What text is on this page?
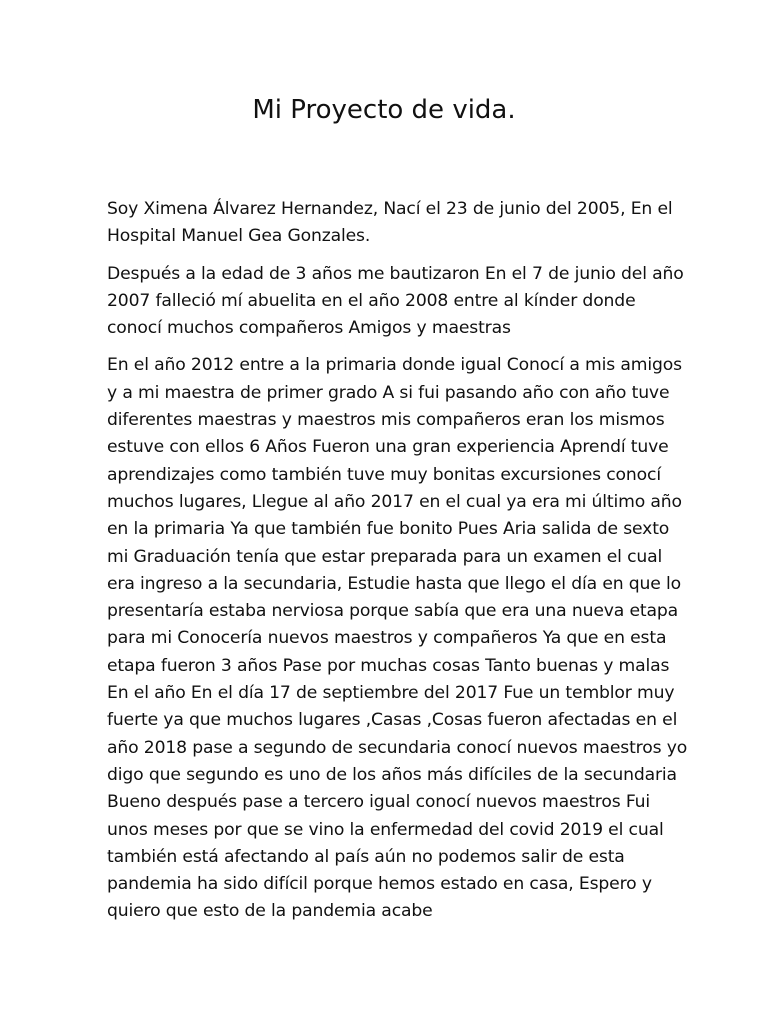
Mi Proyecto de vida.

Soy Ximena Álvarez Hernandez, Nací el 23 de junio del 2005, En el
Hospital Manuel Gea Gonzales.

Después a la edad de 3 años me bautizaron En el 7 de junio del año
2007 falleció mí abuelita en el año 2008 entre al kínder donde
conocí muchos compañeros Amigos y maestras

En el año 2012 entre a la primaria donde igual Conocí a mis amigos
y a mi maestra de primer grado A si fui pasando año con año tuve
diferentes maestras y maestros mis compañeros eran los mismos
estuve con ellos 6 Años Fueron una gran experiencia Aprendí tuve
aprendizajes como también tuve muy bonitas excursiones conocí
muchos lugares, Llegue al año 2017 en el cual ya era mi último año
en la primaria Ya que también fue bonito Pues Aria salida de sexto
mi Graduación tenía que estar preparada para un examen el cual
era ingreso a la secundaria, Estudie hasta que llego el día en que lo
presentaría estaba nerviosa porque sabía que era una nueva etapa
para mi Conocería nuevos maestros y compañeros Ya que en esta
etapa fueron 3 años Pase por muchas cosas Tanto buenas y malas
En el año En el día 17 de septiembre del 2017 Fue un temblor muy
fuerte ya que muchos lugares ,Casas ,Cosas fueron afectadas en el
año 2018 pase a segundo de secundaria conocí nuevos maestros yo
digo que segundo es uno de los años más difíciles de la secundaria
Bueno después pase a tercero igual conocí nuevos maestros Fui
unos meses por que se vino la enfermedad del covid 2019 el cual
también está afectando al país aún no podemos salir de esta
pandemia ha sido difícil porque hemos estado en casa, Espero y
quiero que esto de la pandemia acabe
